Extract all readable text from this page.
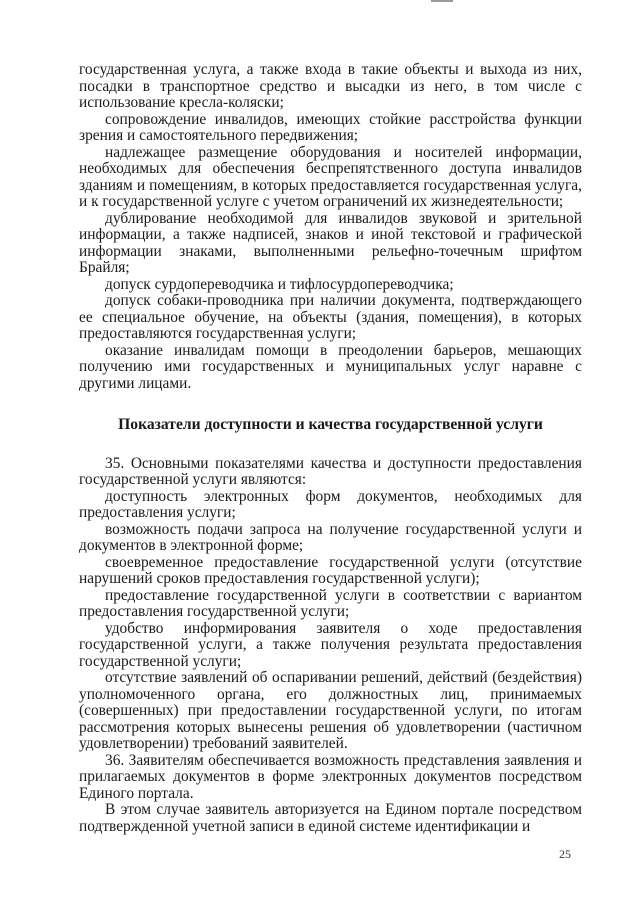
государственная услуга, а также входа в такие объекты и выхода из них, посадки в транспортное средство и высадки из него, в том числе с использование кресла-коляски;

сопровождение инвалидов, имеющих стойкие расстройства функции зрения и самостоятельного передвижения;

надлежащее размещение оборудования и носителей информации, необходимых для обеспечения беспрепятственного доступа инвалидов зданиям и помещениям, в которых предоставляется государственная услуга, и к государственной услуге с учетом ограничений их жизнедеятельности;

дублирование необходимой для инвалидов звуковой и зрительной информации, а также надписей, знаков и иной текстовой и графической информации знаками, выполненными рельефно-точечным шрифтом Брайля;

допуск сурдопереводчика и тифлосурдопереводчика;

допуск собаки-проводника при наличии документа, подтверждающего ее специальное обучение, на объекты (здания, помещения), в которых предоставляются государственная услуги;

оказание инвалидам помощи в преодолении барьеров, мешающих получению ими государственных и муниципальных услуг наравне с другими лицами.

Показатели доступности и качества государственной услуги

35. Основными показателями качества и доступности предоставления государственной услуги являются:

доступность электронных форм документов, необходимых для предоставления услуги;

возможность подачи запроса на получение государственной услуги и документов в электронной форме;

своевременное предоставление государственной услуги (отсутствие нарушений сроков предоставления государственной услуги);

предоставление государственной услуги в соответствии с вариантом предоставления государственной услуги;

удобство информирования заявителя о ходе предоставления государственной услуги, а также получения результата предоставления государственной услуги;

отсутствие заявлений об оспаривании решений, действий (бездействия) уполномоченного органа, его должностных лиц, принимаемых (совершенных) при предоставлении государственной услуги, по итогам рассмотрения которых вынесены решения об удовлетворении (частичном удовлетворении) требований заявителей.

36. Заявителям обеспечивается возможность представления заявления и прилагаемых документов в форме электронных документов посредством Единого портала.

В этом случае заявитель авторизуется на Едином портале посредством подтвержденной учетной записи в единой системе идентификации и

25
